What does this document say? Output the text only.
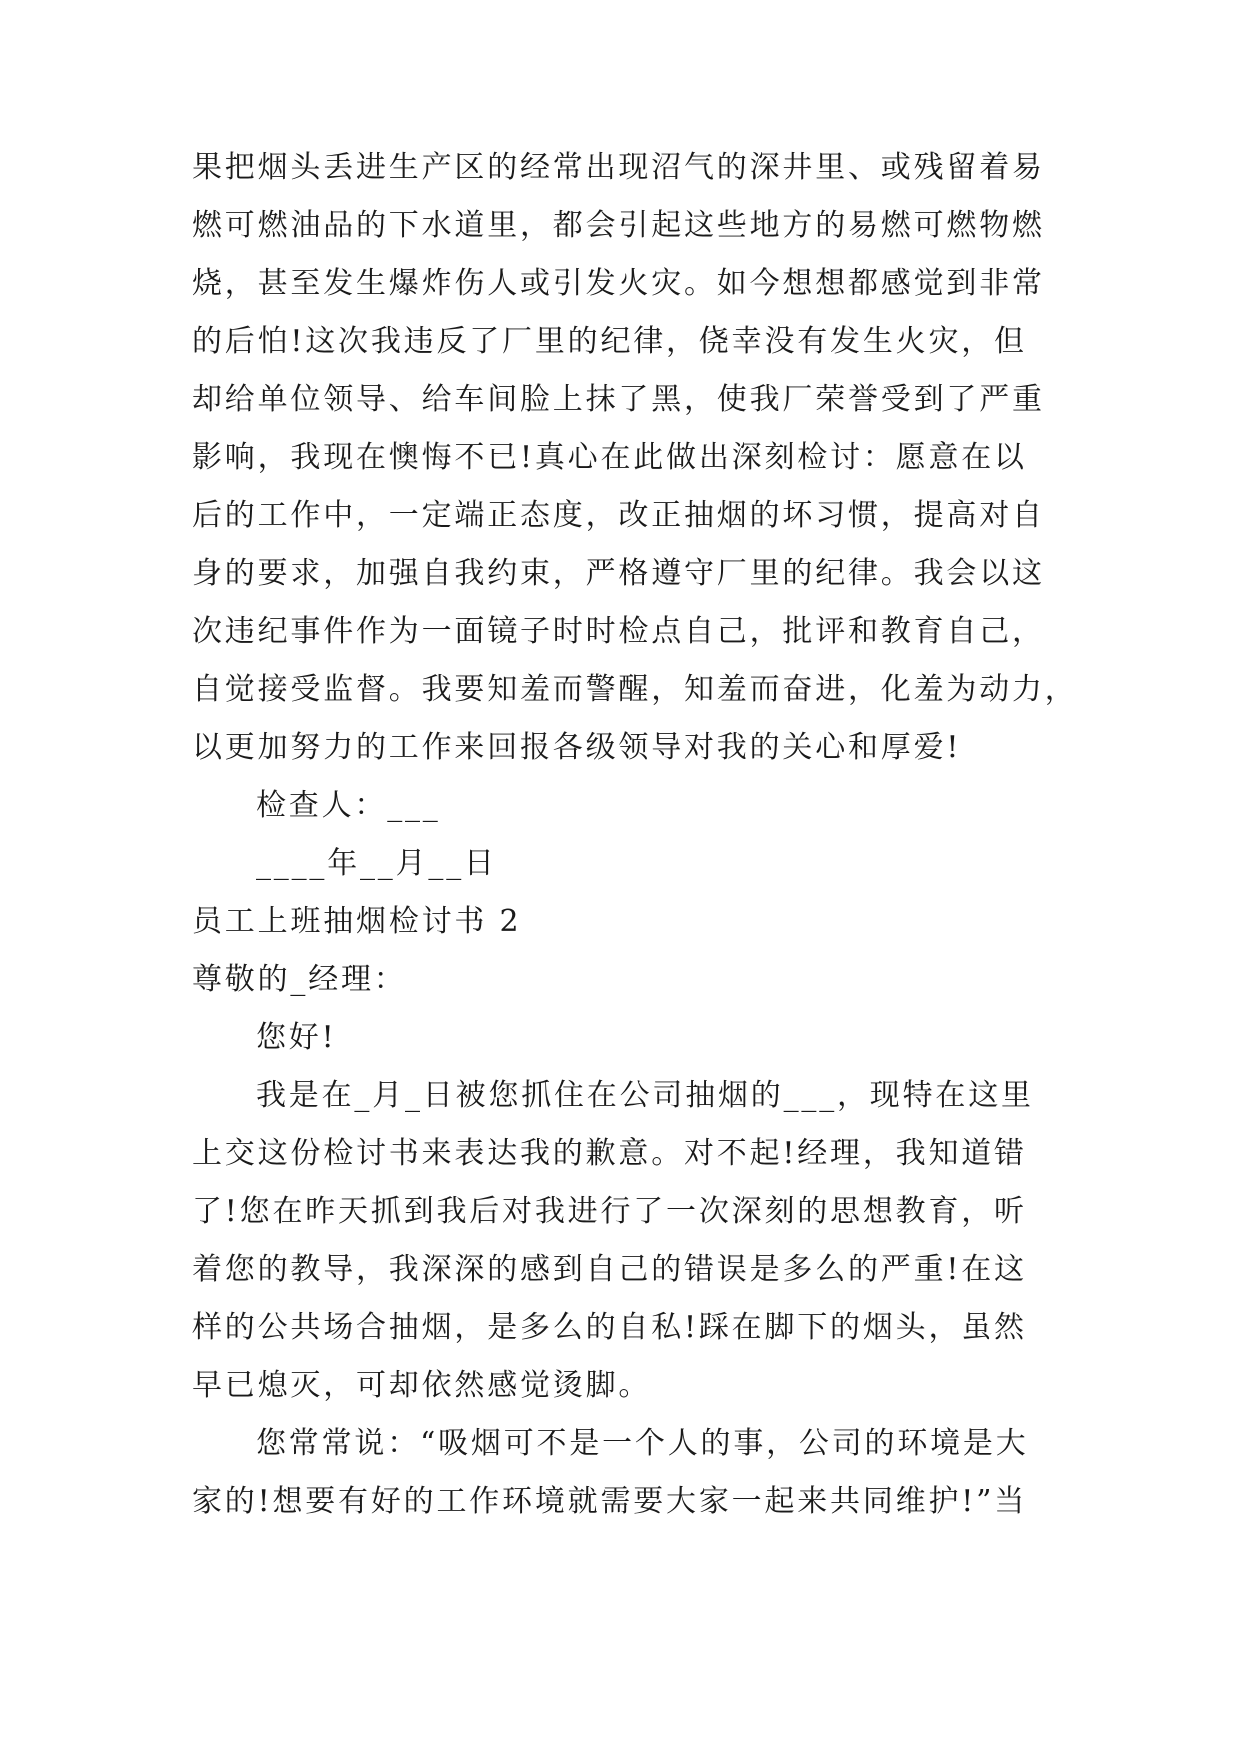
果把烟头丢进生产区的经常出现沼气的深井里、或残留着易
燃可燃油品的下水道里，都会引起这些地方的易燃可燃物燃
烧，甚至发生爆炸伤人或引发火灾。如今想想都感觉到非常
的后怕!这次我违反了厂里的纪律，侥幸没有发生火灾，但
却给单位领导、给车间脸上抹了黑，使我厂荣誉受到了严重
影响，我现在懊悔不已!真心在此做出深刻检讨：愿意在以
后的工作中，一定端正态度，改正抽烟的坏习惯，提高对自
身的要求，加强自我约束，严格遵守厂里的纪律。我会以这
次违纪事件作为一面镜子时时检点自己，批评和教育自己，
自觉接受监督。我要知羞而警醒，知羞而奋进，化羞为动力，
以更加努力的工作来回报各级领导对我的关心和厚爱!
检查人：___
____年__月__日
员工上班抽烟检讨书 2
尊敬的_经理：
您好!
我是在_月_日被您抓住在公司抽烟的___，现特在这里
上交这份检讨书来表达我的歉意。对不起!经理，我知道错
了!您在昨天抓到我后对我进行了一次深刻的思想教育，听
着您的教导，我深深的感到自己的错误是多么的严重!在这
样的公共场合抽烟，是多么的自私!踩在脚下的烟头，虽然
早已熄灭，可却依然感觉烫脚。
您常常说：“吸烟可不是一个人的事，公司的环境是大
家的!想要有好的工作环境就需要大家一起来共同维护!”当
